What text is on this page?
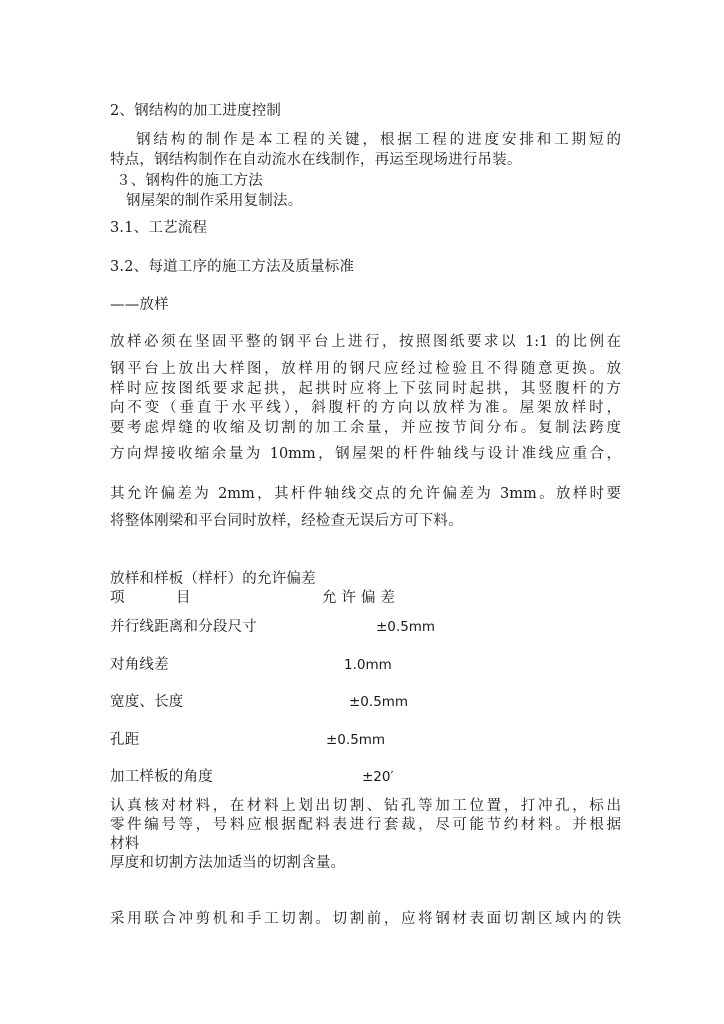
2、钢结构的加工进度控制
钢结构的制作是本工程的关键，根据工程的进度安排和工期短的
特点，钢结构制作在自动流水在线制作，再运至现场进行吊装。
３、钢构件的施工方法
钢屋架的制作采用复制法。
3.1、工艺流程
3.2、每道工序的施工方法及质量标准
——放样
放样必须在坚固平整的钢平台上进行，按照图纸要求以 1:1 的比例在
钢平台上放出大样图，放样用的钢尺应经过检验且不得随意更换。放
样时应按图纸要求起拱，起拱时应将上下弦同时起拱，其竖腹杆的方
向不变（垂直于水平线），斜腹杆的方向以放样为准。屋架放样时，
要考虑焊缝的收缩及切割的加工余量，并应按节间分布。复制法跨度
方向焊接收缩余量为 10mm，钢屋架的杆件轴线与设计准线应重合，
其允许偏差为 2mm，其杆件轴线交点的允许偏差为 3mm。放样时要
将整体刚梁和平台同时放样，经检查无误后方可下料。
放样和样板（样杆）的允许偏差
项	目	允 许 偏 差
并行线距离和分段尺寸	±0.5mm
对角线差	1.0mm
宽度、长度	±0.5mm
孔距	±0.5mm
加工样板的角度	±20′
认真核对材料，在材料上划出切割、钻孔等加工位置，打冲孔，标出
零件编号等，号料应根据配料表进行套裁，尽可能节约材料。并根据
材料
厚度和切割方法加适当的切割含量。
采用联合冲剪机和手工切割。切割前，应将钢材表面切割区域内的铁
